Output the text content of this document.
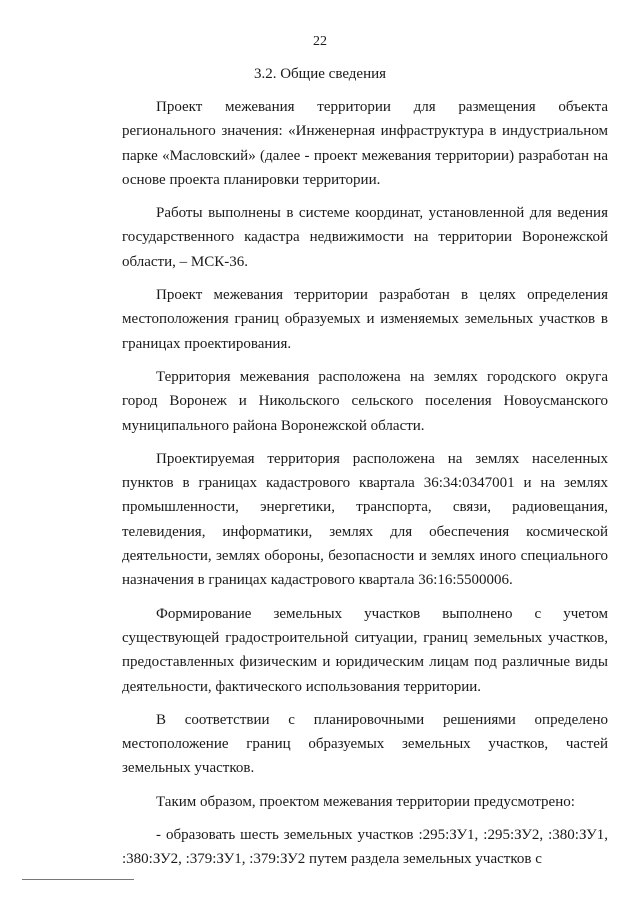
22
3.2. Общие сведения

Проект межевания территории для размещения объекта регионального значения: «Инженерная инфраструктура в индустриальном парке «Масловский» (далее - проект межевания территории) разработан на основе проекта планировки территории.

Работы выполнены в системе координат, установленной для ведения государственного кадастра недвижимости на территории Воронежской области, – МСК-36.

Проект межевания территории разработан в целях определения местоположения границ образуемых и изменяемых земельных участков в границах проектирования.

Территория межевания расположена на землях городского округа город Воронеж и Никольского сельского поселения Новоусманского муниципального района Воронежской области.

Проектируемая территория расположена на землях населенных пунктов в границах кадастрового квартала 36:34:0347001 и на землях промышленности, энергетики, транспорта, связи, радиовещания, телевидения, информатики, землях для обеспечения космической деятельности, землях обороны, безопасности и землях иного специального назначения в границах кадастрового квартала 36:16:5500006.

Формирование земельных участков выполнено с учетом существующей градостроительной ситуации, границ земельных участков, предоставленных физическим и юридическим лицам под различные виды деятельности, фактического использования территории.

В соответствии с планировочными решениями определено местоположение границ образуемых земельных участков, частей земельных участков.

Таким образом, проектом межевания территории предусмотрено:

- образовать шесть земельных участков :295:ЗУ1, :295:ЗУ2, :380:ЗУ1, :380:ЗУ2, :379:ЗУ1, :379:ЗУ2 путем раздела земельных участков с
